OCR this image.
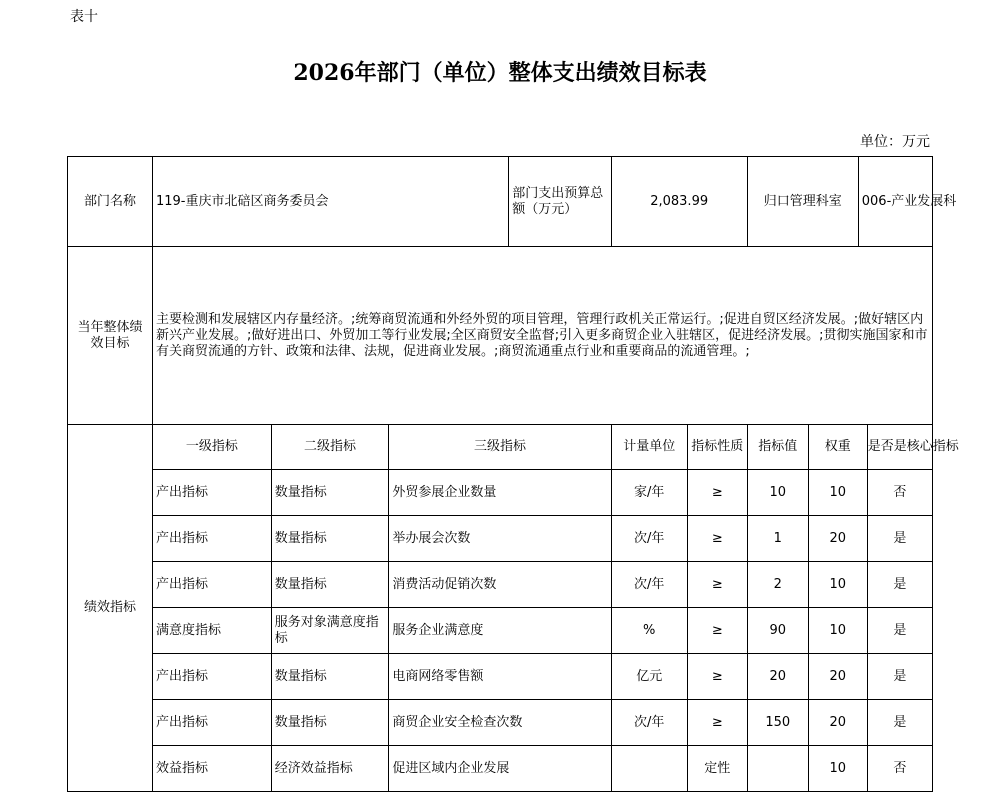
表十
2026年部门（单位）整体支出绩效目标表
单位：万元
部门名称	119-重庆市北碚区商务委员会			部门支出预算总额（万元）	2,083.99		归口管理科室 006-产业发展科	

当年整体绩效目标	主要检测和发展辖区内存量经济。;统筹商贸流通和外经外贸的项目管理，管理行政机关正常运行。;促进自贸区经济发展。;做好辖区内新兴产业发展。;做好进出口、外贸加工等行业发展;全区商贸安全监督;引入更多商贸企业入驻辖区，促进经济发展。;贯彻实施国家和市有关商贸流通的方针、政策和法律、法规，促进商业发展。;商贸流通重点行业和重要商品的流通管理。;							
绩效指标	一级指标	二级指标	三级指标		计量单位	指标性质	指标值	权重 是否是核心指标

	产出指标	数量指标	外贸参展企业数量		家/年	≥	10	10 否

	产出指标	数量指标	举办展会次数		次/年	≥	1	20 是

	产出指标	数量指标	消费活动促销次数		次/年	≥	2	10 是

	满意度指标	服务对象满意度指标	服务企业满意度		%	≥	90	10 是

	产出指标	数量指标	电商网络零售额		亿元	≥	20	20 是

	产出指标	数量指标	商贸企业安全检查次数		次/年	≥	150	20 是

	效益指标	经济效益指标	促进区域内企业发展			定性		10 否
